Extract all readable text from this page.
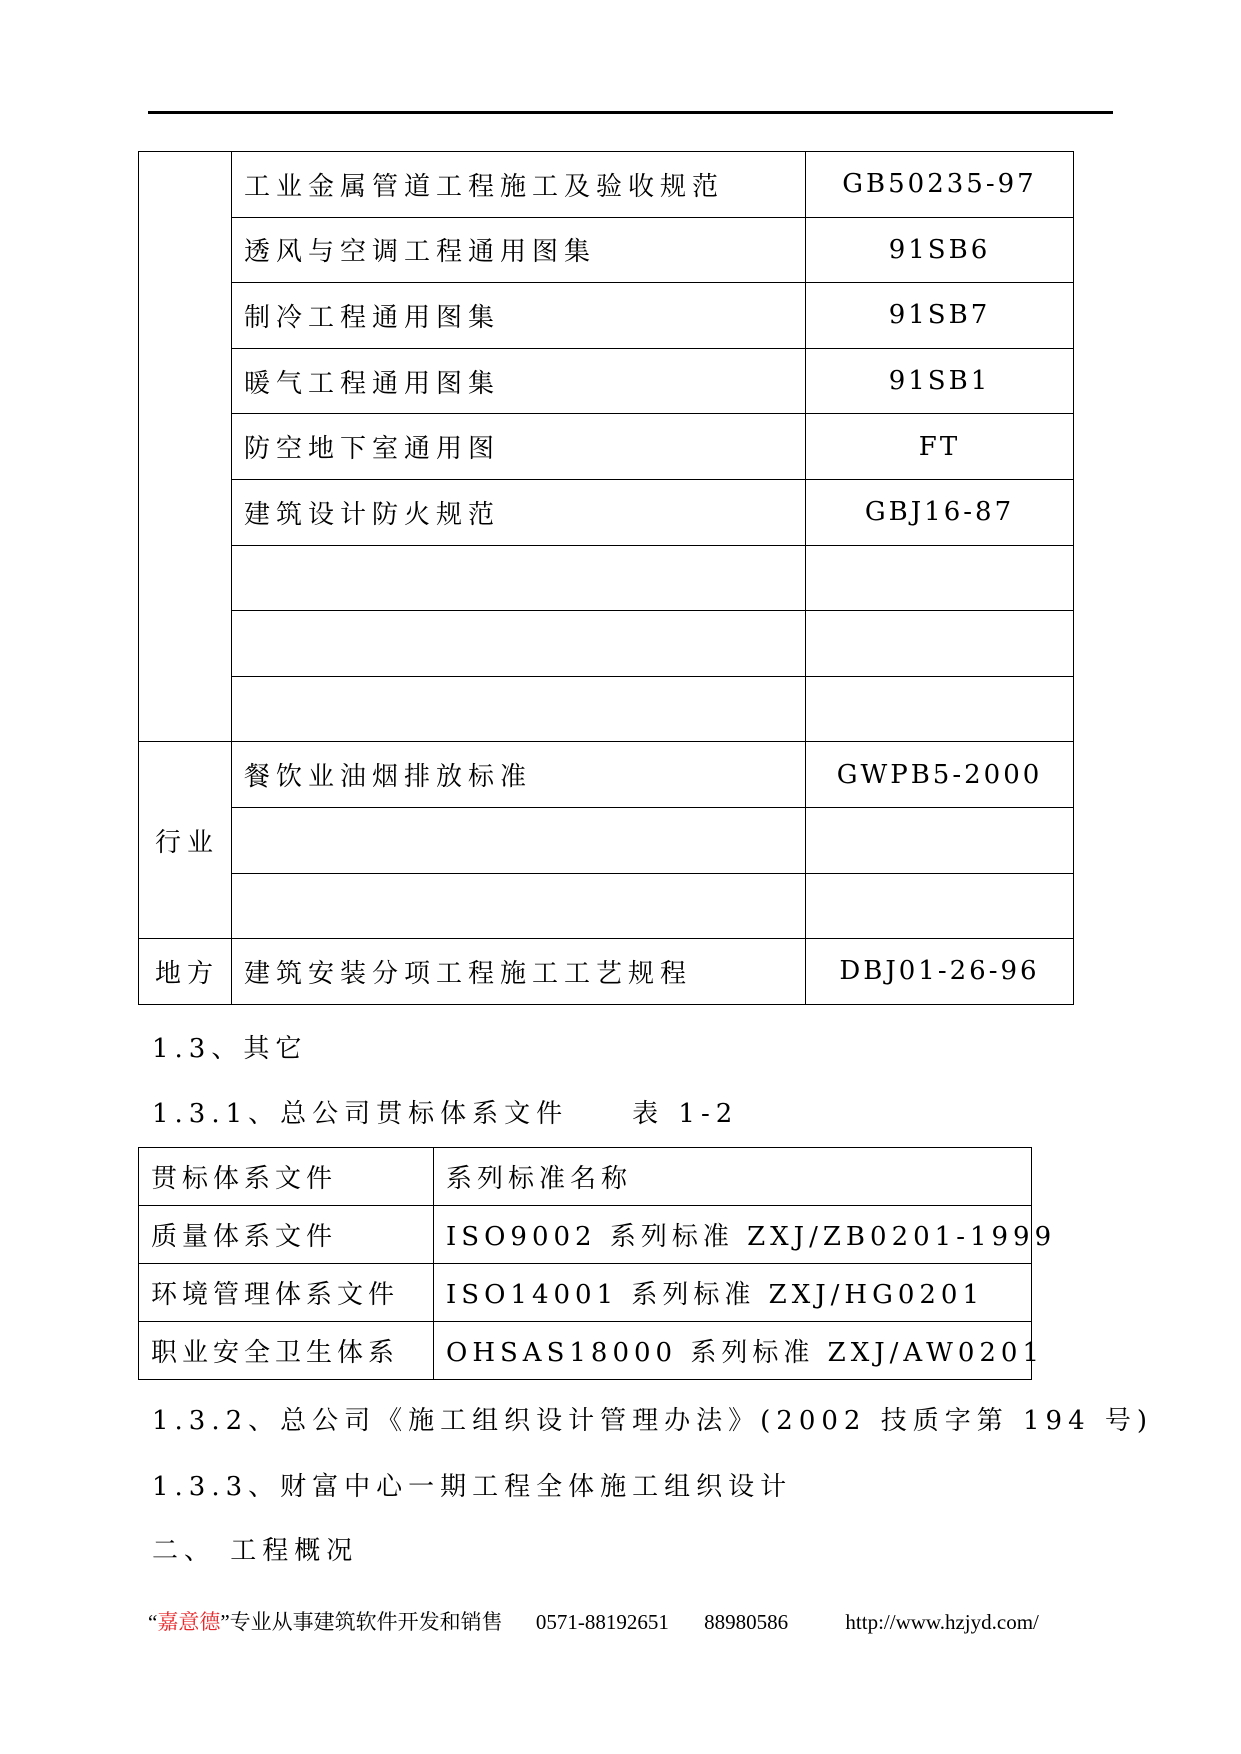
	工业金属管道工程施工及验收规范	GB50235-97
	透风与空调工程通用图集	91SB6
	制冷工程通用图集	91SB7
	暖气工程通用图集	91SB1
	防空地下室通用图	FT
	建筑设计防火规范	GBJ16-87

行业	餐饮业油烟排放标准	GWPB5-2000

地方	建筑安装分项工程施工工艺规程	DBJ01-26-96
1.3、其它
1.3.1、总公司贯标体系文件　　表 1-2
贯标体系文件	系列标准名称
质量体系文件	ISO9002 系列标准 ZXJ/ZB0201-1999
环境管理体系文件	ISO14001 系列标准 ZXJ/HG0201
职业安全卫生体系	OHSAS18000 系列标准 ZXJ/AW0201
1.3.2、总公司《施工组织设计管理办法》(2002 技质字第 194 号)
1.3.3、财富中心一期工程全体施工组织设计
二、 工程概况
“嘉意德”专业从事建筑软件开发和销售 0571-88192651 88980586	http://www.hzjyd.com/
